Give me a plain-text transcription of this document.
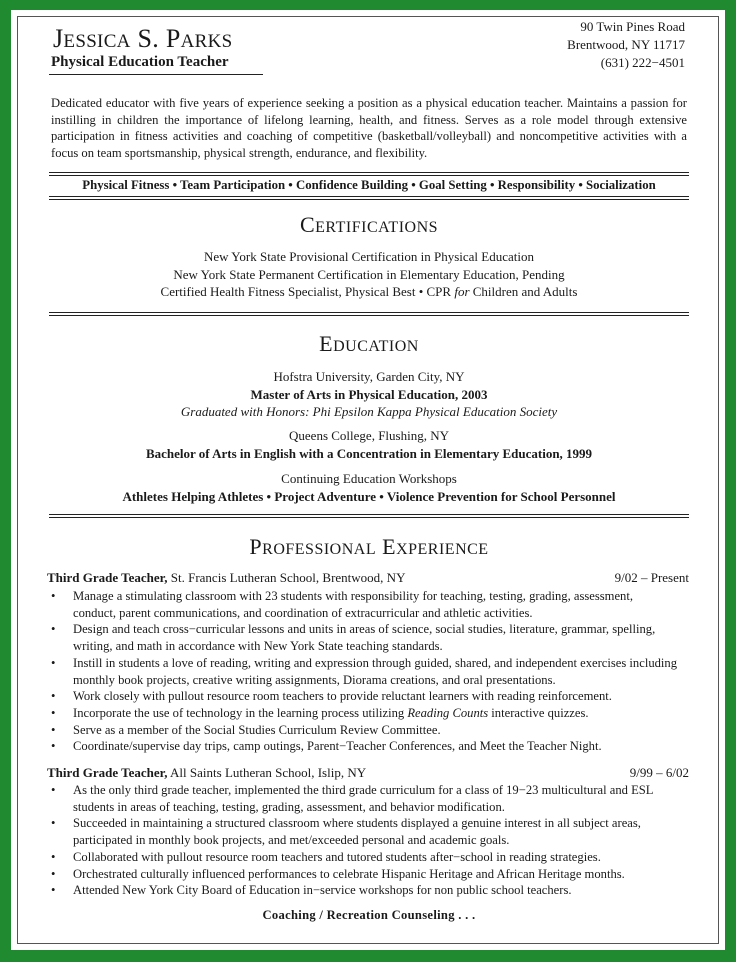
JESSICA S. PARKS
Physical Education Teacher
90 Twin Pines Road
Brentwood, NY 11717
(631) 222−4501
Dedicated educator with five years of experience seeking a position as a physical education teacher. Maintains a passion for instilling in children the importance of lifelong learning, health, and fitness. Serves as a role model through extensive participation in fitness activities and coaching of competitive (basketball/volleyball) and noncompetitive activities with a focus on team sportsmanship, physical strength, endurance, and flexibility.
Physical Fitness • Team Participation • Confidence Building • Goal Setting • Responsibility • Socialization
CERTIFICATIONS
New York State Provisional Certification in Physical Education
New York State Permanent Certification in Elementary Education, Pending
Certified Health Fitness Specialist, Physical Best • CPR for Children and Adults
EDUCATION
Hofstra University, Garden City, NY
Master of Arts in Physical Education, 2003
Graduated with Honors: Phi Epsilon Kappa Physical Education Society
Queens College, Flushing, NY
Bachelor of Arts in English with a Concentration in Elementary Education, 1999
Continuing Education Workshops
Athletes Helping Athletes • Project Adventure • Violence Prevention for School Personnel
PROFESSIONAL EXPERIENCE
Third Grade Teacher, St. Francis Lutheran School, Brentwood, NY	9/02 – Present
• Manage a stimulating classroom with 23 students with responsibility for teaching, testing, grading, assessment, conduct, parent communications, and coordination of extracurricular and athletic activities.
• Design and teach cross−curricular lessons and units in areas of science, social studies, literature, grammar, spelling, writing, and math in accordance with New York State teaching standards.
• Instill in students a love of reading, writing and expression through guided, shared, and independent exercises including monthly book projects, creative writing assignments, Diorama creations, and oral presentations.
• Work closely with pullout resource room teachers to provide reluctant learners with reading reinforcement.
• Incorporate the use of technology in the learning process utilizing Reading Counts interactive quizzes.
• Serve as a member of the Social Studies Curriculum Review Committee.
• Coordinate/supervise day trips, camp outings, Parent−Teacher Conferences, and Meet the Teacher Night.
Third Grade Teacher, All Saints Lutheran School, Islip, NY	9/99 – 6/02
• As the only third grade teacher, implemented the third grade curriculum for a class of 19−23 multicultural and ESL students in areas of teaching, testing, grading, assessment, and behavior modification.
• Succeeded in maintaining a structured classroom where students displayed a genuine interest in all subject areas, participated in monthly book projects, and met/exceeded personal and academic goals.
• Collaborated with pullout resource room teachers and tutored students after−school in reading strategies.
• Orchestrated culturally influenced performances to celebrate Hispanic Heritage and African Heritage months.
• Attended New York City Board of Education in−service workshops for non public school teachers.
Coaching / Recreation Counseling . . .
